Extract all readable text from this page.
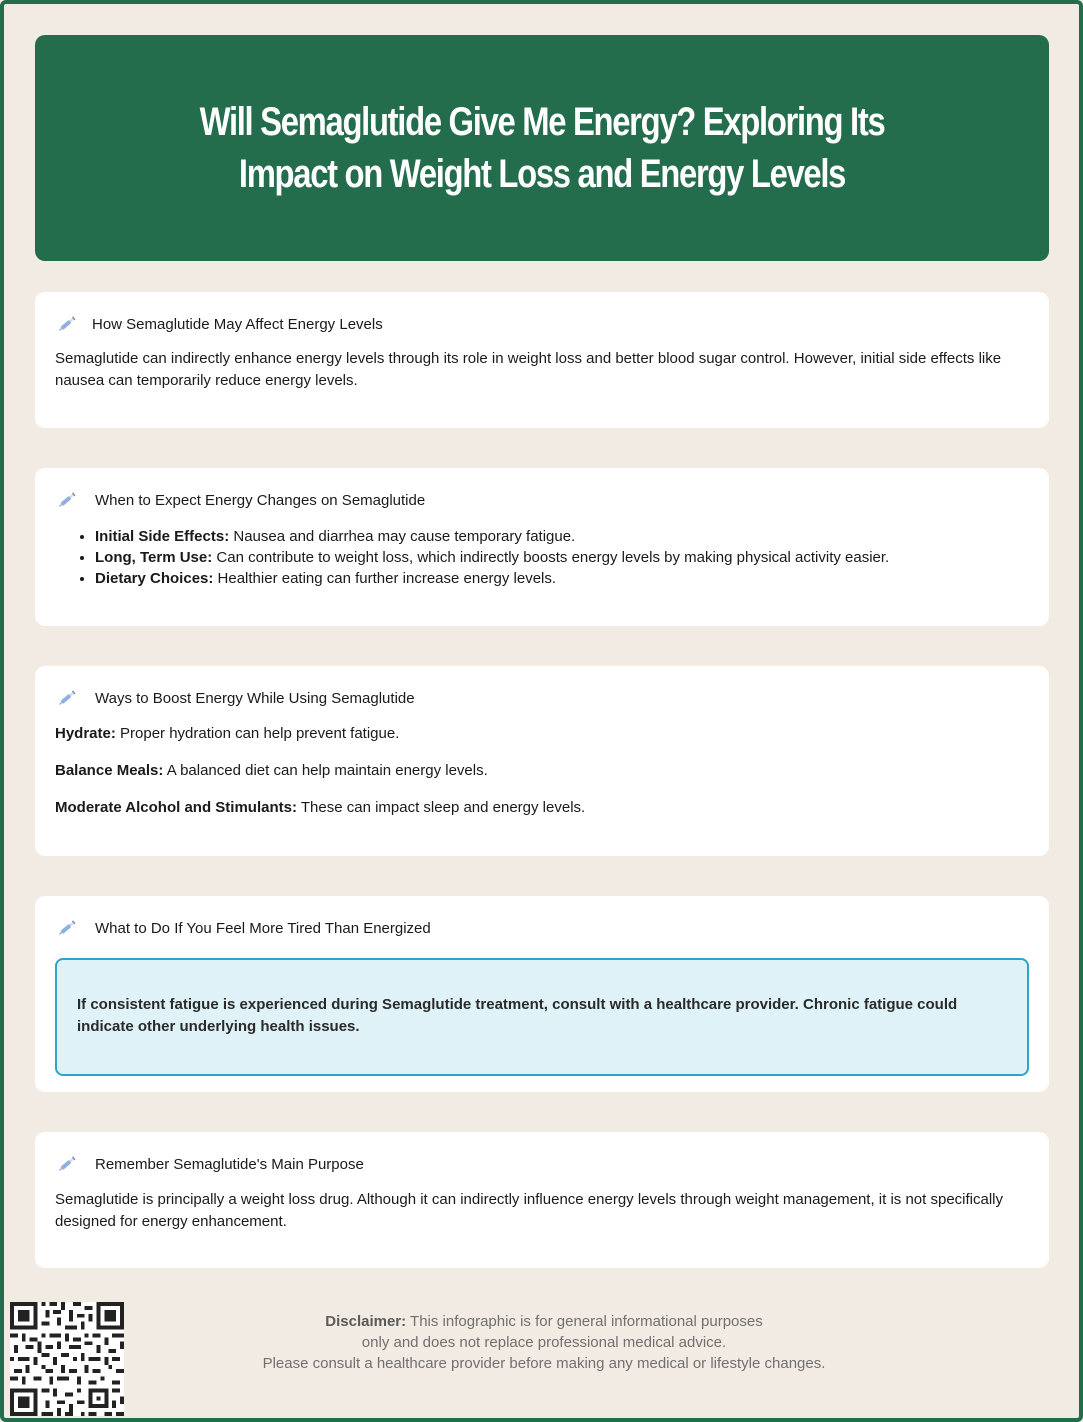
Will Semaglutide Give Me Energy? Exploring Its Impact on Weight Loss and Energy Levels
How Semaglutide May Affect Energy Levels

Semaglutide can indirectly enhance energy levels through its role in weight loss and better blood sugar control. However, initial side effects like nausea can temporarily reduce energy levels.

When to Expect Energy Changes on Semaglutide
• Initial Side Effects: Nausea and diarrhea may cause temporary fatigue.
• Long, Term Use: Can contribute to weight loss, which indirectly boosts energy levels by making physical activity easier.
• Dietary Choices: Healthier eating can further increase energy levels.
Ways to Boost Energy While Using Semaglutide

Hydrate: Proper hydration can help prevent fatigue.

Balance Meals: A balanced diet can help maintain energy levels.

Moderate Alcohol and Stimulants: These can impact sleep and energy levels.

What to Do If You Feel More Tired Than Energized
If consistent fatigue is experienced during Semaglutide treatment, consult with a healthcare provider. Chronic fatigue could indicate other underlying health issues.
Remember Semaglutide's Main Purpose

Semaglutide is principally a weight loss drug. Although it can indirectly influence energy levels through weight management, it is not specifically designed for energy enhancement.

Disclaimer: This infographic is for general informational purposes
only and does not replace professional medical advice.
Please consult a healthcare provider before making any medical or lifestyle changes.
